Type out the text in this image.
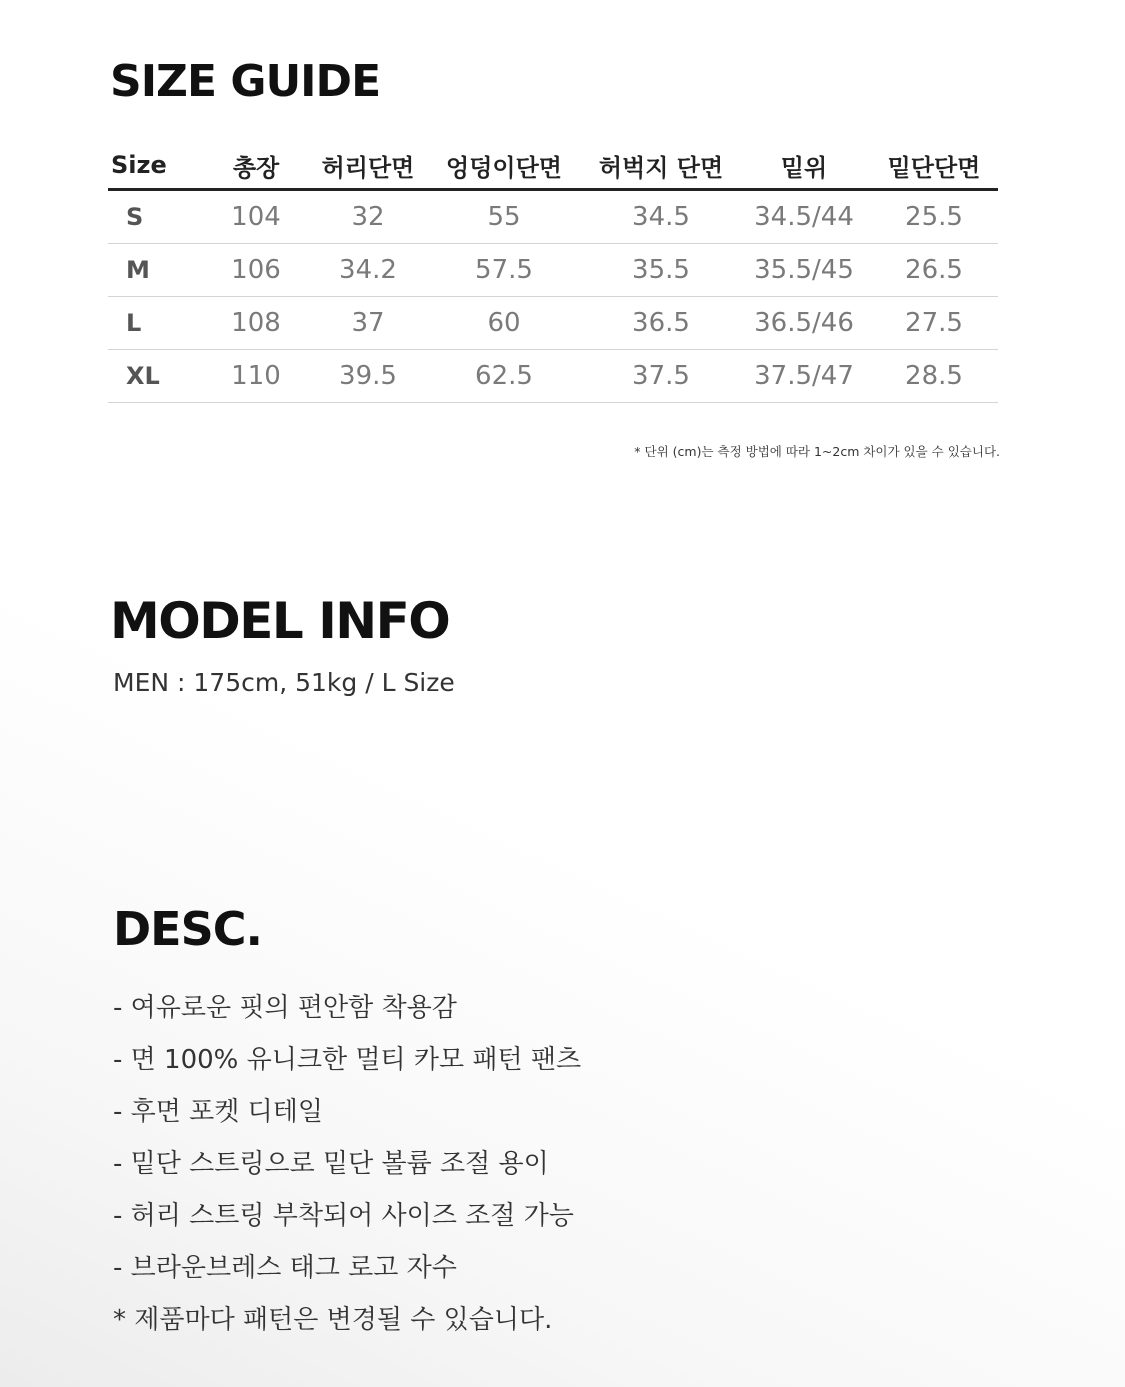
SIZE GUIDE
Size	총장	허리단면	엉덩이단면	허벅지 단면	밑위	밑단단면
S	104	32	55	34.5	34.5/44	25.5
M	106	34.2	57.5	35.5	35.5/45	26.5
L	108	37	60	36.5	36.5/46	27.5
XL	110	39.5	62.5	37.5	37.5/47	28.5

* 단위 (cm)는 측정 방법에 따라 1~2cm 차이가 있을 수 있습니다.

MODEL INFO

MEN : 175cm, 51kg / L Size

DESC.
- 여유로운 핏의 편안함 착용감
- 면 100% 유니크한 멀티 카모 패턴 팬츠
- 후면 포켓 디테일
- 밑단 스트링으로 밑단 볼륨 조절 용이
- 허리 스트링 부착되어 사이즈 조절 가능
- 브라운브레스 태그 로고 자수
* 제품마다 패턴은 변경될 수 있습니다.
